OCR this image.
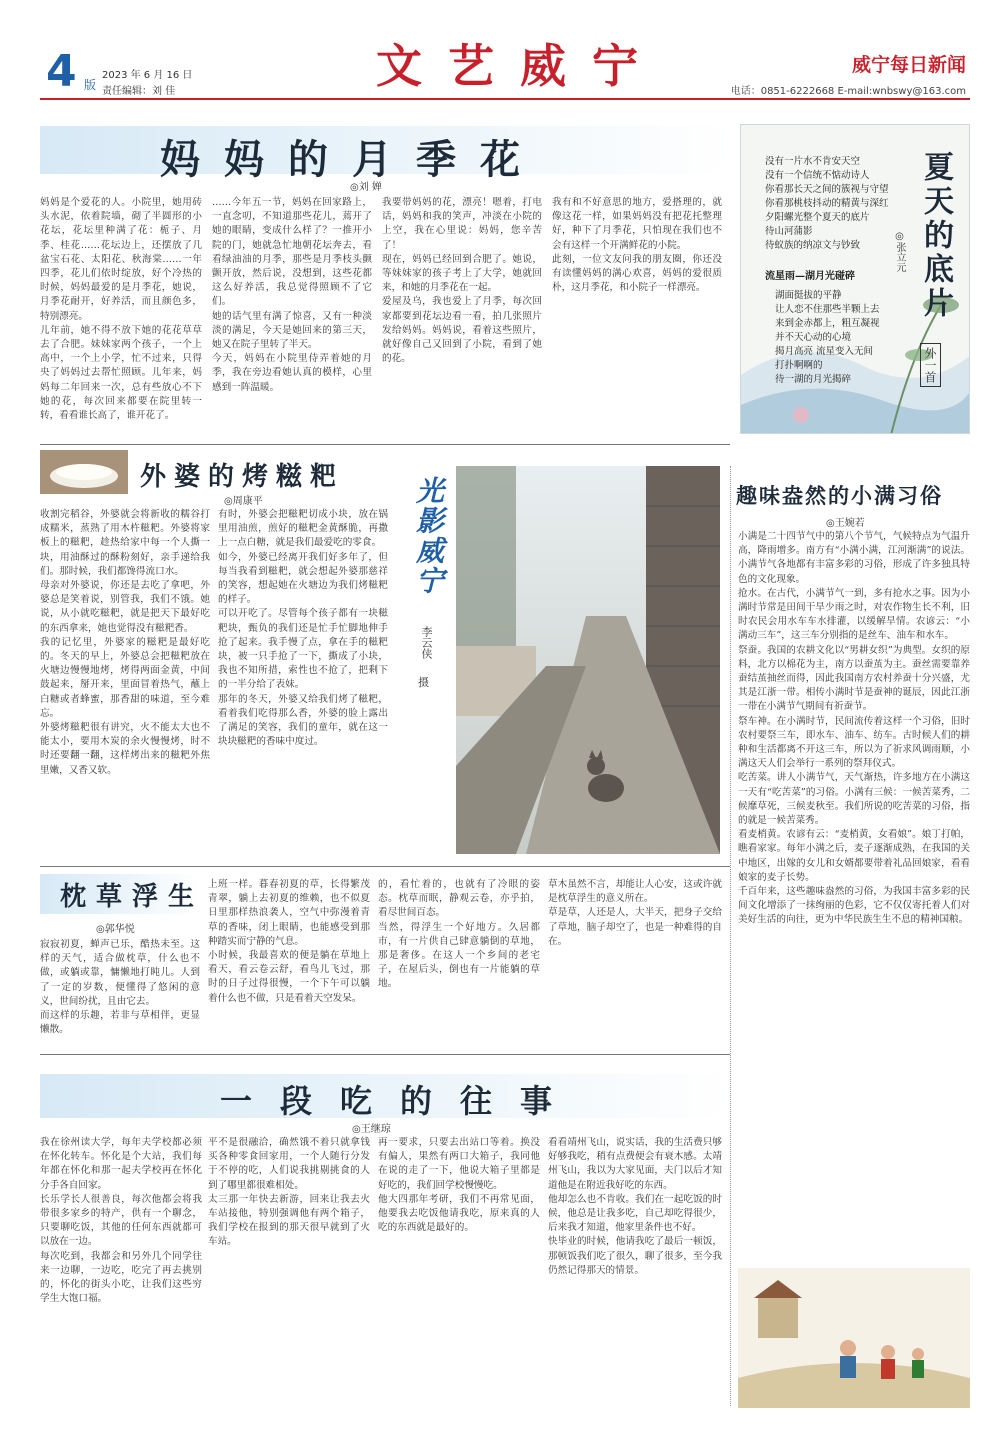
4 版
2023 年 6 月 16 日
责任编辑：刘 佳	文艺威宁	威宁每日新闻
电话：0851-6222668 E-mail:wnbswy@163.com
妈妈的月季花
◎刘 婵

妈妈是个爱花的人。小院里，她用砖头水泥，依着院墙，砌了半圆形的小花坛，花坛里种满了花：栀子、月季、桂花……花坛边上，还摆放了几盆宝石花、太阳花、秋海棠……一年四季，花儿们依时绽放，好个冷热的时候，妈妈最爱的是月季花，她说，月季花耐开，好养活，而且颜色多，特别漂亮。

儿年前，她不得不放下她的花花草草去了合肥。妹妹家两个孩子，一个上高中，一个上小学，忙不过来，只得央了妈妈过去帮忙照顾。儿年来，妈妈每二年回来一次，总有些放心不下她的花，每次回来都要在院里转一转，看看谁长高了，谁开花了。

……今年五一节，妈妈在回家路上，一直念叨，不知道那些花儿，蔫开了她的眼睛，变成什么样了？一推开小院的门，她就急忙地朝花坛奔去，看看绿油油的月季，那些是月季枝头颤颤开放，然后说，没想到，这些花都这么好养活，我总觉得照顾不了它们。

她的话气里有满了惊喜，又有一种淡淡的满足，今天是她回来的第三天，她又在院子里转了半天。

今天，妈妈在小院里侍弄着她的月季，我在旁边看她认真的模样，心里感到一阵温暖。

我要带妈妈的花，漂亮！嗯着，打电话，妈妈和我的笑声，冲淡在小院的上空，我在心里说：妈妈，您辛苦了！

现在，妈妈已经回到合肥了。她说，等妹妹家的孩子考上了大学，她就回来，和她的月季花在一起。

爱屋及乌，我也爱上了月季，每次回家都要到花坛边看一看，拍几张照片发给妈妈。妈妈说，看着这些照片，就好像自己又回到了小院，看到了她的花。

我有和不好意思的地方，爱搭理的，就像这花一样，如果妈妈没有把花托整理好，种下了月季花，只怕现在我们也不会有这样一个开满鲜花的小院。

此刻，一位文友问我的朋友圈，你还没有读懂妈妈的满心欢喜，妈妈的爱很质朴，这月季花，和小院子一样漂亮。	夏天的底片
外一首
◎张立元
没有一片水不肯安天空
没有一个信统不惦动诗人
你看那长天之间的簇视与守望
你看那桃枝抖动的精黄与深红
夕阳螺光整个夏天的底片
待山河蒲影
待蚁族的纳凉文与钞致
流星雨—湖月光碰碎
湖面挺拔的平静
让人恋不住那些半颗上去
来到金赤都上，粗互凝视
并不天心动的心境
揭月高亮 流星变入无间
打扑啊啊的
待一湖的月光揭碎
外婆的烤糍粑
◎周康平

收割完稻谷，外婆就会将新收的糯谷打成糯米，蒸熟了用木杵糍粑。外婆将家板上的糍粑，趁热给家中每一个人撕一块，用油酥过的酥粉刻好，亲手递给我们。那时候，我们都馋得流口水。

母亲对外婆说，你还是去吃了拿吧，外婆总是笑着说，别管我，我们不饿。她说，从小就吃糍粑，就是把天下最好吃的东西拿来，她也觉得没有糍粑香。

我的记忆里，外婆家的糍粑是最好吃的。冬天的早上，外婆总会把糍粑放在火塘边慢慢地烤，烤得两面金黄，中间鼓起来，掰开来，里面冒着热气，蘸上白糖或者蜂蜜，那香甜的味道，至今难忘。

外婆烤糍粑很有讲究，火不能太大也不能太小，要用木炭的余火慢慢烤，时不时还要翻一翻，这样烤出来的糍粑外焦里嫩，又香又软。

有时，外婆会把糍粑切成小块，放在锅里用油煎，煎好的糍粑金黄酥脆，再撒上一点白糖，就是我们最爱吃的零食。

如今，外婆已经离开我们好多年了，但每当我看到糍粑，就会想起外婆那慈祥的笑容，想起她在火塘边为我们烤糍粑的样子。

可以开吃了。尽管每个孩子都有一块糍粑块，甄负的我们还是忙手忙脚地伸手抢了起来。我手慢了点，拿在手的糍粑块，被一只手抢了一下，撕成了小块，我也不知所措，索性也不抢了，把剩下的一半分给了表妹。

那年的冬天，外婆又给我们烤了糍粑，看着我们吃得那么香，外婆的脸上露出了满足的笑容，我们的童年，就在这一块块糍粑的香味中度过。

光影威宁
李云侠
摄
趣味盎然的小满习俗
◎王婉若

小满是二十四节气中的第八个节气，气候特点为气温升高，降雨增多。南方有“小满小满，江河渐满”的说法。小满节气各地都有丰富多彩的习俗，形成了许多独具特色的文化现象。

抢水。在古代，小满节气一到，多有抢水之事。因为小满时节常是田间干旱少雨之时，对农作物生长不利，旧时农民会用水车车水排灌，以缓解旱情。农谚云：“小满动三车”，这三车分别指的是丝车、油车和水车。

祭蚕。我国的农耕文化以“男耕女织”为典型。女织的原料，北方以棉花为主，南方以蚕茧为主。蚕丝需要靠养蚕结茧抽丝而得，因此我国南方农村养蚕十分兴盛，尤其是江浙一带。相传小满时节是蚕神的诞辰，因此江浙一带在小满节气期间有祈蚕节。

祭车神。在小满时节，民间流传着这样一个习俗，旧时农村要祭三车，即水车、油车、纺车。古时候人们的耕种和生活都离不开这三车，所以为了祈求风调雨顺，小满这天人们会举行一系列的祭拜仪式。

吃苦菜。讲人小满节气，天气渐热，许多地方在小满这一天有“吃苦菜”的习俗。小满有三候：一候苦菜秀，二候靡草死，三候麦秋至。我们所说的吃苦菜的习俗，指的就是一候苦菜秀。

看麦梢黄。农谚有云：“麦梢黄，女看娘”。娘丁打帕，瞧看家家。每年小满之后，麦子逐渐成熟，在我国的关中地区，出嫁的女儿和女婿都要带着礼品回娘家，看看娘家的麦子长势。

千百年来，这些趣味盎然的习俗，为我国丰富多彩的民间文化增添了一抹绚丽的色彩，它不仅仅寄托着人们对美好生活的向往，更为中华民族生生不息的精神国粮。

枕草浮生
◎郭华悦

寂寂初夏，蝉声已乐，酷热未至。这样的天气，适合做枕草，什么也不做，或躺或靠，慵懒地打盹儿。人到了一定的岁数，便懂得了悠闲的意义，世间纷扰，且由它去。

而这样的乐趣，若非与草相伴，更显懒散。

上班一样。暮春初夏的草，长得繁茂青翠，躺上去初夏的维赖，也不似夏日里那样热浪袭人，空气中弥漫着青草的香味，闭上眼睛，也能感受到那种踏实而宁静的气息。

小时候，我最喜欢的便是躺在草地上看天，看云卷云舒，看鸟儿飞过，那时的日子过得很慢，一个下午可以躺着什么也不做，只是看着天空发呆。

的，看忙着的，也就有了冷眼的姿态。枕草而眠，静观云卷，亦乎拍，看尽世间百态。

当然，得浮生一个好地方。久居都市，有一片供自己肆意躺倒的草地，那是奢侈。在这人一个乡间的老宅子，在屋后头，倒也有一片能躺的草地。

草木虽然不言，却能让人心安，这或许就是枕草浮生的意义所在。

草是草，人还是人，大半天，把身子交给了草地，脑子却空了，也是一种难得的自在。

一段吃的往事
◎王继琼

我在徐州读大学，每年夫学校都必须在怀化转车。怀化是个大站，我们每年都在怀化和那一起夫学校再在怀化分手各自回家。

长乐学长人很善良，每次他都会将我带很多家乡的特产，供有一个聊念，只要聊吃饭，其他的任何东西就都可以放在一边。

每次吃到，我都会和另外几个同学往来一边聊，一边吃，吃完了再去挑别的，怀化的街头小吃，让我们这些穷学生大饱口福。

平不是很融洽，确然饿不着只就拿钱买各种零食回家用，一个人随行分发于不停的吃，人们说我挑剔挑食的人到了哪里都很难相处。

太三那一年快去新游，回来让我去火车站接他，特别强调他有两个箱子，我们学校在报到的那天很早就到了火车站。

再一要求，只要去出站口等着。换没有偏人，果然有两口大箱子，我同他在说的走了一下，他说大箱子里都是好吃的，我们回学校慢慢吃。

他大四那年考研，我们不再常见面，他要我去吃饭他请我吃，原来真的人吃的东西就是最好的。

看看靖州飞山，说实话，我的生活费只够好够我吃，稍有点费便会有衰木感。太靖州飞山，我以为大家见面，夫门以后才知道他是在附近我好吃的东西。

他却怎么也不肯收。我们在一起吃饭的时候，他总是让我多吃，自己却吃得很少，后来我才知道，他家里条件也不好。

快毕业的时候，他请我吃了最后一顿饭，那顿饭我们吃了很久，聊了很多，至今我仍然记得那天的情景。
